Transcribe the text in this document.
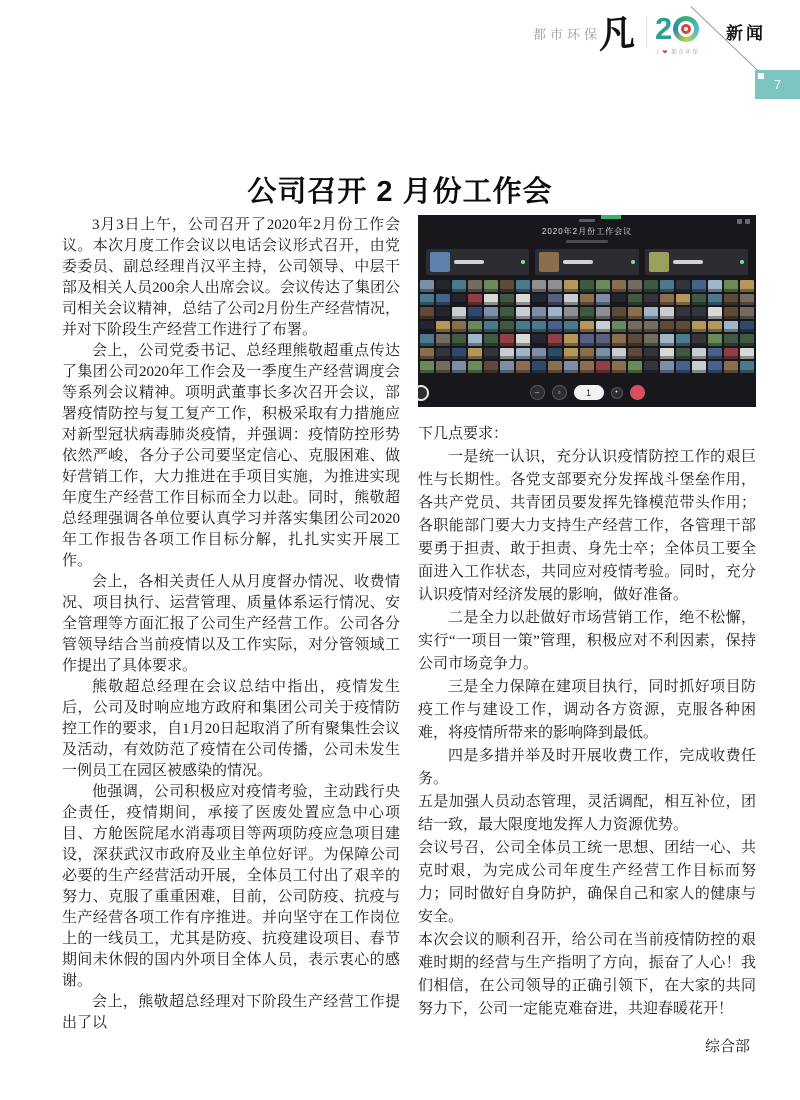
都市环保
凡 2
I ❤ 都市环保
新闻
7
公司召开 2 月份工作会

3月3日上午，公司召开了2020年2月份工作会议。本次月度工作会议以电话会议形式召开，由党委委员、副总经理肖汉平主持，公司领导、中层干部及相关人员200余人出席会议。会议传达了集团公司相关会议精神，总结了公司2月份生产经营情况，并对下阶段生产经营工作进行了布署。

会上，公司党委书记、总经理熊敬超重点传达了集团公司2020年工作会及一季度生产经营调度会等系列会议精神。项明武董事长多次召开会议，部署疫情防控与复工复产工作，积极采取有力措施应对新型冠状病毒肺炎疫情，并强调：疫情防控形势依然严峻，各分子公司要坚定信心、克服困难、做好营销工作，大力推进在手项目实施，为推进实现年度生产经营工作目标而全力以赴。同时，熊敬超总经理强调各单位要认真学习并落实集团公司2020年工作报告各项工作目标分解，扎扎实实开展工作。

会上，各相关责任人从月度督办情况、收费情况、项目执行、运营管理、质量体系运行情况、安全管理等方面汇报了公司生产经营工作。公司各分管领导结合当前疫情以及工作实际，对分管领域工作提出了具体要求。

熊敬超总经理在会议总结中指出，疫情发生后，公司及时响应地方政府和集团公司关于疫情防控工作的要求，自1月20日起取消了所有聚集性会议及活动，有效防范了疫情在公司传播，公司未发生一例员工在园区被感染的情况。

他强调，公司积极应对疫情考验，主动践行央企责任，疫情期间，承接了医废处置应急中心项目、方舱医院尾水消毒项目等两项防疫应急项目建设，深获武汉市政府及业主单位好评。为保障公司必要的生产经营活动开展，全体员工付出了艰辛的努力、克服了重重困难，目前，公司防疫、抗疫与生产经营各项工作有序推进。并向坚守在工作岗位上的一线员工，尤其是防疫、抗疫建设项目、春节期间未休假的国内外项目全体人员，表示衷心的感谢。

会上，熊敬超总经理对下阶段生产经营工作提出了以

2020年2月份工作会议
–	▫	1	•

下几点要求：

一是统一认识，充分认识疫情防控工作的艰巨性与长期性。各党支部要充分发挥战斗堡垒作用，各共产党员、共青团员要发挥先锋模范带头作用；各职能部门要大力支持生产经营工作，各管理干部要勇于担责、敢于担责、身先士卒；全体员工要全面进入工作状态，共同应对疫情考验。同时，充分认识疫情对经济发展的影响，做好准备。

二是全力以赴做好市场营销工作，绝不松懈，实行“一项目一策”管理，积极应对不利因素，保持公司市场竞争力。

三是全力保障在建项目执行，同时抓好项目防疫工作与建设工作，调动各方资源，克服各种困难，将疫情所带来的影响降到最低。

四是多措并举及时开展收费工作，完成收费任务。

五是加强人员动态管理，灵活调配，相互补位，团结一致，最大限度地发挥人力资源优势。

会议号召，公司全体员工统一思想、团结一心、共克时艰，为完成公司年度生产经营工作目标而努力；同时做好自身防护，确保自己和家人的健康与安全。

本次会议的顺利召开，给公司在当前疫情防控的艰难时期的经营与生产指明了方向，振奋了人心！我们相信，在公司领导的正确引领下，在大家的共同努力下，公司一定能克难奋进，共迎春暖花开！

综合部
